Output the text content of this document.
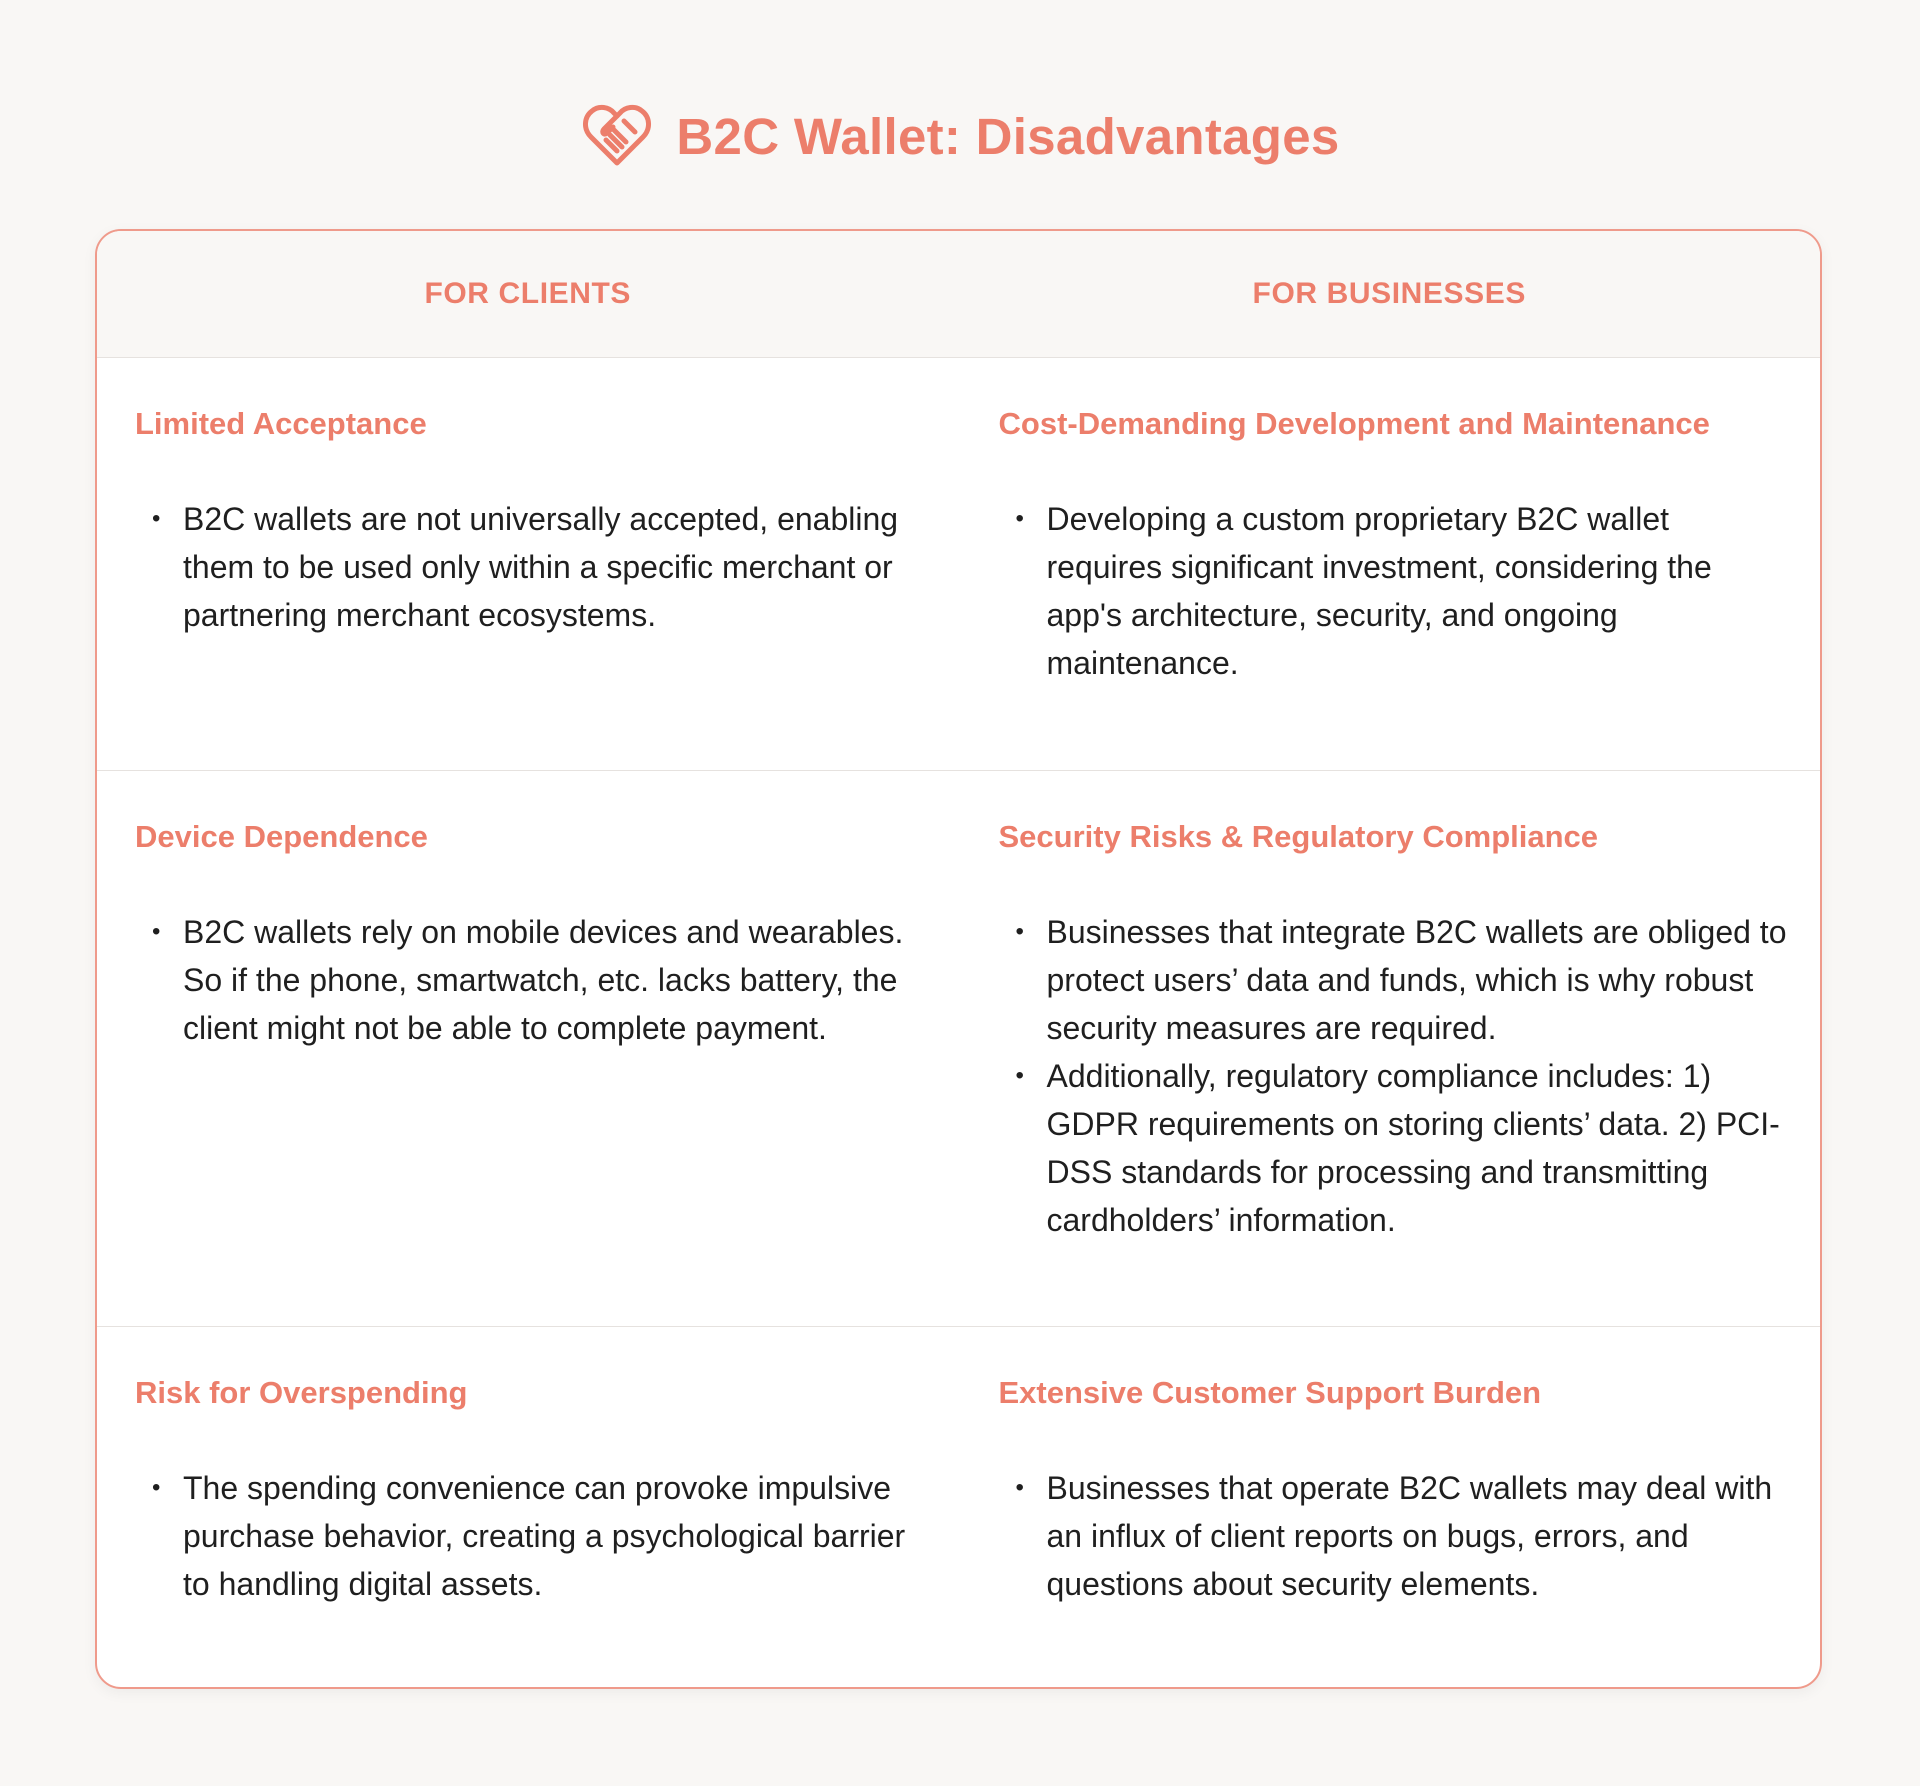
B2C Wallet: Disadvantages
FOR CLIENTS	FOR BUSINESSES
Limited Acceptance
• B2C wallets are not universally accepted, enabling them to be used only within a specific merchant or partnering merchant ecosystems.
Cost-Demanding Development and Maintenance
• Developing a custom proprietary B2C wallet requires significant investment, considering the app's architecture, security, and ongoing maintenance.
Device Dependence
• B2C wallets rely on mobile devices and wearables. So if the phone, smartwatch, etc. lacks battery, the client might not be able to complete payment.
Security Risks & Regulatory Compliance
• Businesses that integrate B2C wallets are obliged to protect users’ data and funds, which is why robust security measures are required.
• Additionally, regulatory compliance includes: 1) GDPR requirements on storing clients’ data. 2) PCI-DSS standards for processing and transmitting cardholders’ information.
Risk for Overspending
• The spending convenience can provoke impulsive purchase behavior, creating a psychological barrier to handling digital assets.
Extensive Customer Support Burden
• Businesses that operate B2C wallets may deal with an influx of client reports on bugs, errors, and questions about security elements.
